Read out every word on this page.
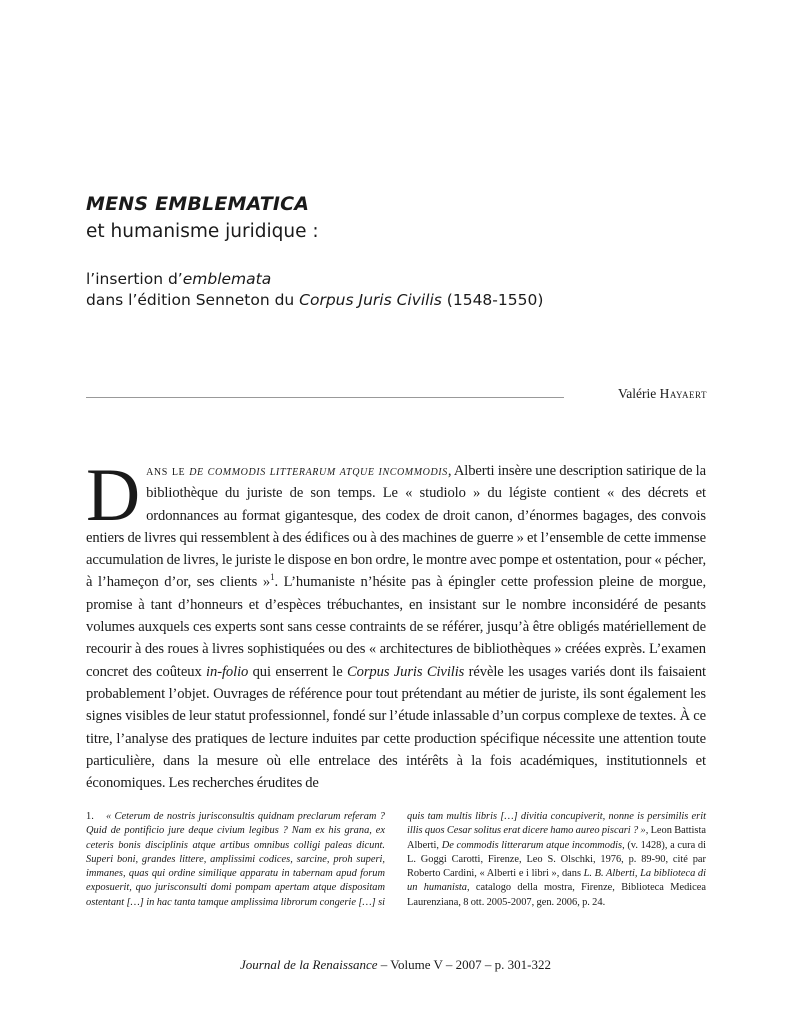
MENS EMBLEMATICA
et humanisme juridique :
l’insertion d’emblemata
dans l’édition Senneton du Corpus Juris Civilis (1548-1550)
Valérie Hayaert
Dans le de commodis litterarum atque incommodis, Alberti insère une description satirique de la bibliothèque du juriste de son temps. Le « studiolo » du légiste contient « des décrets et ordonnances au format gigantesque, des codex de droit canon, d’énormes bagages, des convois entiers de livres qui ressemblent à des édifices ou à des machines de guerre » et l’ensemble de cette immense accumulation de livres, le juriste le dispose en bon ordre, le montre avec pompe et ostentation, pour « pécher, à l’hameçon d’or, ses clients »$^1$. L’humaniste n’hésite pas à épingler cette profession pleine de morgue, promise à tant d’honneurs et d’espèces trébuchantes, en insistant sur le nombre inconsidéré de pesants volumes auxquels ces experts sont sans cesse contraints de se référer, jusqu’à être obligés matériellement de recourir à des roues à livres sophistiquées ou des « architectures de bibliothèques » créées exprès. L’examen concret des coûteux in-folio qui enserrent le Corpus Juris Civilis révèle les usages variés dont ils faisaient probablement l’objet. Ouvrages de référence pour tout prétendant au métier de juriste, ils sont également les signes visibles de leur statut professionnel, fondé sur l’étude inlassable d’un corpus complexe de textes. À ce titre, l’analyse des pratiques de lecture induites par cette production spécifique nécessite une attention toute particulière, dans la mesure où elle entrelace des intérêts à la fois académiques, institutionnels et économiques. Les recherches érudites de
1. « Ceterum de nostris jurisconsultis quidnam preclarum referam ? Quid de pontificio jure deque civium legibus ? Nam ex his grana, ex ceteris bonis disciplinis atque artibus omnibus colligi paleas dicunt. Superi boni, grandes littere, amplissimi codices, sarcine, proh superi, immanes, quas qui ordine similique apparatu in tabernam apud forum exposuerit, quo jurisconsulti domi pompam apertam atque dispositam ostentant […] in hac tanta tamque amplissima librorum congerie […] si quis tam multis libris […] divitia concupiverit, nonne is persimilis erit illis quos Cesar solitus erat dicere hamo aureo piscari ? », Leon Battista Alberti, De commodis litterarum atque incommodis, (v. 1428), a cura di L. Goggi Carotti, Firenze, Leo S. Olschki, 1976, p. 89-90, cité par Roberto Cardini, « Alberti e i libri », dans L. B. Alberti, La biblioteca di un humanista, catalogo della mostra, Firenze, Biblioteca Medicea Laurenziana, 8 ott. 2005-2007, gen. 2006, p. 24.
Journal de la Renaissance – Volume V – 2007 – p. 301-322
